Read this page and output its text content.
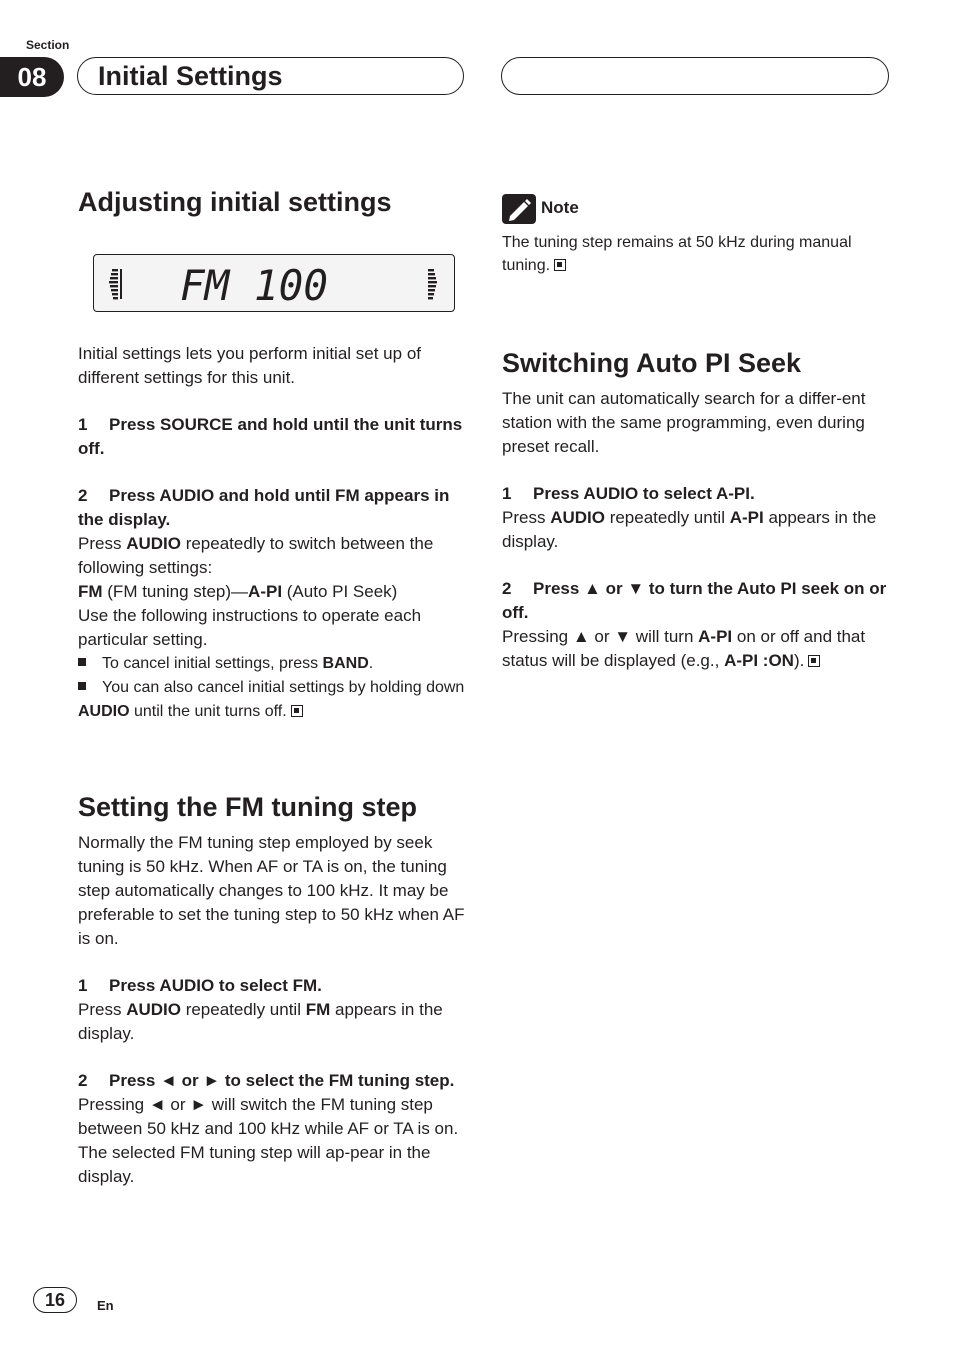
Section
08	Initial Settings
Adjusting initial settings
FM 100

Initial settings lets you perform initial set up of different settings for this unit.

1 Press SOURCE and hold until the unit turns off.

2 Press AUDIO and hold until FM appears in the display.

Press AUDIO repeatedly to switch between the following settings:

FM (FM tuning step)—A-PI (Auto PI Seek)

Use the following instructions to operate each particular setting.

To cancel initial settings, press BAND.

You can also cancel initial settings by holding down AUDIO until the unit turns off.

Setting the FM tuning step

Normally the FM tuning step employed by seek tuning is 50 kHz. When AF or TA is on, the tuning step automatically changes to 100 kHz. It may be preferable to set the tuning step to 50 kHz when AF is on.

1 Press AUDIO to select FM.

Press AUDIO repeatedly until FM appears in the display.

2 Press ◄ or ► to select the FM tuning step.

Pressing ◄ or ► will switch the FM tuning step between 50 kHz and 100 kHz while AF or TA is on. The selected FM tuning step will ap-pear in the display.

Note

The tuning step remains at 50 kHz during manual tuning.

Switching Auto PI Seek

The unit can automatically search for a differ-ent station with the same programming, even during preset recall.

1 Press AUDIO to select A-PI.

Press AUDIO repeatedly until A-PI appears in the display.

2 Press ▲ or ▼ to turn the Auto PI seek on or off.

Pressing ▲ or ▼ will turn A-PI on or off and that status will be displayed (e.g., A-PI :ON).

16	En
